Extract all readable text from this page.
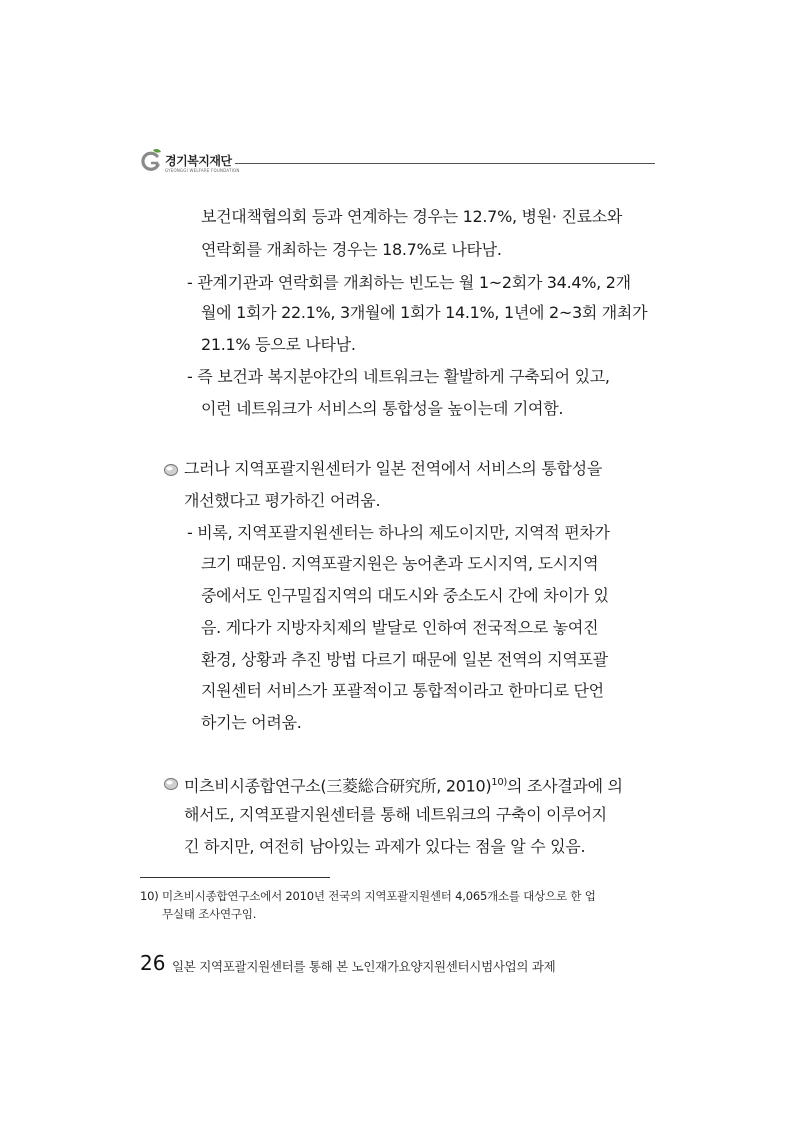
경기복지재단
GYEONGGI WELFARE FOUNDATION
보건대책협의회 등과 연계하는 경우는 12.7%, 병원· 진료소와
연락회를 개최하는 경우는 18.7%로 나타남.
- 관계기관과 연락회를 개최하는 빈도는 월 1~2회가 34.4%, 2개
월에 1회가 22.1%, 3개월에 1회가 14.1%, 1년에 2~3회 개최가
21.1% 등으로 나타남.
- 즉 보건과 복지분야간의 네트워크는 활발하게 구축되어 있고,
이런 네트워크가 서비스의 통합성을 높이는데 기여함.
그러나 지역포괄지원센터가 일본 전역에서 서비스의 통합성을
개선했다고 평가하긴 어려움.
- 비록, 지역포괄지원센터는 하나의 제도이지만, 지역적 편차가
크기 때문임. 지역포괄지원은 농어촌과 도시지역, 도시지역
중에서도 인구밀집지역의 대도시와 중소도시 간에 차이가 있
음. 게다가 지방자치제의 발달로 인하여 전국적으로 놓여진
환경, 상황과 추진 방법 다르기 때문에 일본 전역의 지역포괄
지원센터 서비스가 포괄적이고 통합적이라고 한마디로 단언
하기는 어려움.
미츠비시종합연구소(三菱総合研究所, 2010)$^{10)}$의 조사결과에 의
해서도, 지역포괄지원센터를 통해 네트워크의 구축이 이루어지
긴 하지만, 여전히 남아있는 과제가 있다는 점을 알 수 있음.
10) 미츠비시종합연구소에서 2010년 전국의 지역포괄지원센터 4,065개소를 대상으로 한 업
무실태 조사연구임.
26 일본 지역포괄지원센터를 통해 본 노인재가요양지원센터시범사업의 과제
